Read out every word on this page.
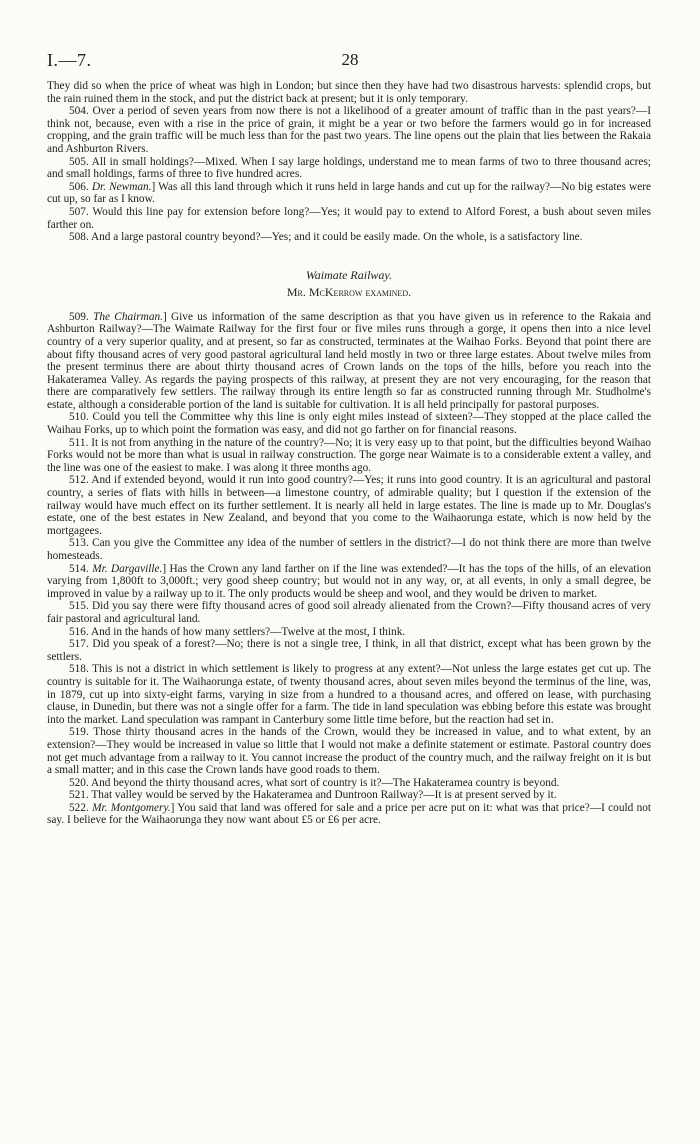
I.—7.	28

They did so when the price of wheat was high in London; but since then they have had two disastrous harvests: splendid crops, but the rain ruined them in the stock, and put the district back at present; but it is only temporary.

504. Over a period of seven years from now there is not a likelihood of a greater amount of traffic than in the past years?—I think not, because, even with a rise in the price of grain, it might be a year or two before the farmers would go in for increased cropping, and the grain traffic will be much less than for the past two years. The line opens out the plain that lies between the Rakaia and Ashburton Rivers.

505. All in small holdings?—Mixed. When I say large holdings, understand me to mean farms of two to three thousand acres; and small holdings, farms of three to five hundred acres.

506. Dr. Newman.] Was all this land through which it runs held in large hands and cut up for the railway?—No big estates were cut up, so far as I know.

507. Would this line pay for extension before long?—Yes; it would pay to extend to Alford Forest, a bush about seven miles farther on.

508. And a large pastoral country beyond?—Yes; and it could be easily made. On the whole, is a satisfactory line.

Waimate Railway.

Mr. McKerrow examined.

509. The Chairman.] Give us information of the same description as that you have given us in reference to the Rakaia and Ashburton Railway?—The Waimate Railway for the first four or five miles runs through a gorge, it opens then into a nice level country of a very superior quality, and at present, so far as constructed, terminates at the Waihao Forks. Beyond that point there are about fifty thousand acres of very good pastoral agricultural land held mostly in two or three large estates. About twelve miles from the present terminus there are about thirty thousand acres of Crown lands on the tops of the hills, before you reach into the Hakateramea Valley. As regards the paying prospects of this railway, at present they are not very encouraging, for the reason that there are comparatively few settlers. The railway through its entire length so far as constructed running through Mr. Studholme's estate, although a considerable portion of the land is suitable for cultivation. It is all held principally for pastoral purposes.

510. Could you tell the Committee why this line is only eight miles instead of sixteen?—They stopped at the place called the Waihau Forks, up to which point the formation was easy, and did not go farther on for financial reasons.

511. It is not from anything in the nature of the country?—No; it is very easy up to that point, but the difficulties beyond Waihao Forks would not be more than what is usual in railway construction. The gorge near Waimate is to a considerable extent a valley, and the line was one of the easiest to make. I was along it three months ago.

512. And if extended beyond, would it run into good country?—Yes; it runs into good country. It is an agricultural and pastoral country, a series of flats with hills in between—a limestone country, of admirable quality; but I question if the extension of the railway would have much effect on its further settlement. It is nearly all held in large estates. The line is made up to Mr. Douglas's estate, one of the best estates in New Zealand, and beyond that you come to the Waihaorunga estate, which is now held by the mortgagees.

513. Can you give the Committee any idea of the number of settlers in the district?—I do not think there are more than twelve homesteads.

514. Mr. Dargaville.] Has the Crown any land farther on if the line was extended?—It has the tops of the hills, of an elevation varying from 1,800ft to 3,000ft.; very good sheep country; but would not in any way, or, at all events, in only a small degree, be improved in value by a railway up to it. The only products would be sheep and wool, and they would be driven to market.

515. Did you say there were fifty thousand acres of good soil already alienated from the Crown?—Fifty thousand acres of very fair pastoral and agricultural land.

516. And in the hands of how many settlers?—Twelve at the most, I think.

517. Did you speak of a forest?—No; there is not a single tree, I think, in all that district, except what has been grown by the settlers.

518. This is not a district in which settlement is likely to progress at any extent?—Not unless the large estates get cut up. The country is suitable for it. The Waihaorunga estate, of twenty thousand acres, about seven miles beyond the terminus of the line, was, in 1879, cut up into sixty-eight farms, varying in size from a hundred to a thousand acres, and offered on lease, with purchasing clause, in Dunedin, but there was not a single offer for a farm. The tide in land speculation was ebbing before this estate was brought into the market. Land speculation was rampant in Canterbury some little time before, but the reaction had set in.

519. Those thirty thousand acres in the hands of the Crown, would they be increased in value, and to what extent, by an extension?—They would be increased in value so little that I would not make a definite statement or estimate. Pastoral country does not get much advantage from a railway to it. You cannot increase the product of the country much, and the railway freight on it is but a small matter; and in this case the Crown lands have good roads to them.

520. And beyond the thirty thousand acres, what sort of country is it?—The Hakateramea country is beyond.

521. That valley would be served by the Hakateramea and Duntroon Railway?—It is at present served by it.

522. Mr. Montgomery.] You said that land was offered for sale and a price per acre put on it: what was that price?—I could not say. I believe for the Waihaorunga they now want about £5 or £6 per acre.
